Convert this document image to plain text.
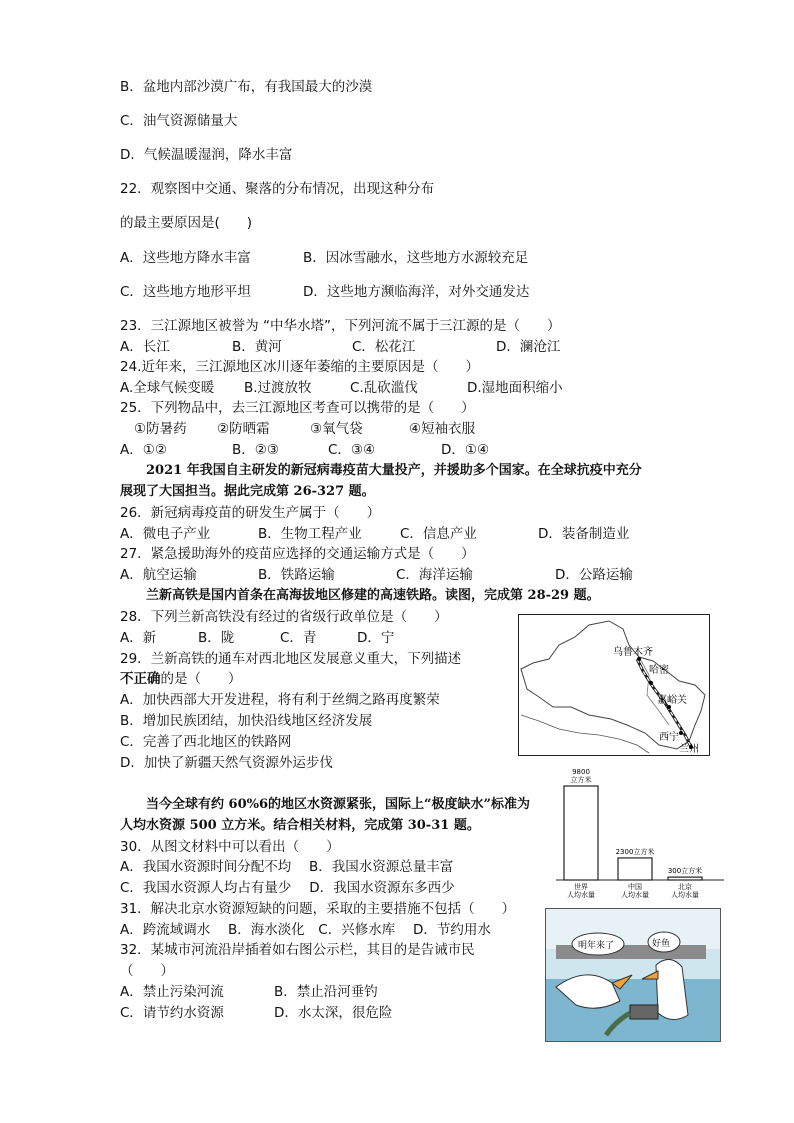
B．盆地内部沙漠广布，有我国最大的沙漠
C．油气资源储量大
D．气候温暖湿润，降水丰富
22．观察图中交通、聚落的分布情况，出现这种分布
的最主要原因是(　　)
A．这些地方降水丰富	B．因冰雪融水，这些地方水源较充足
C．这些地方地形平坦	D．这些地方濒临海洋，对外交通发达
23．三江源地区被誉为 “中华水塔”，下列河流不属于三江源的是（　　）
A．长江	B．黄河	C．松花江	D．澜沧江
24.近年来，三江源地区冰川逐年萎缩的主要原因是（　　）
A.全球气候变暖 B.过渡放牧	C.乱砍滥伐	D.湿地面积缩小
25．下列物品中，去三江源地区考查可以携带的是（　　）
①防暑药 ②防晒霜	③氧气袋	④短袖衣服
A．①②	B．②③	C．③④	D．①④
2021 年我国自主研发的新冠病毒疫苗大量投产，并援助多个国家。在全球抗疫中充分
展现了大国担当。据此完成第 26-327 题。
26．新冠病毒疫苗的研发生产属于（　　）
A．微电子产业	B．生物工程产业	C．信息产业	D．装备制造业
27．紧急援助海外的疫苗应选择的交通运输方式是（　　）
A．航空运输	B．铁路运输	C．海洋运输	D．公路运输
兰新高铁是国内首条在高海拔地区修建的高速铁路。读图，完成第 28-29 题。
28．下列兰新高铁没有经过的省级行政单位是（　　）
A．新	B．陇	C．青	D．宁
29．兰新高铁的通车对西北地区发展意义重大，下列描述
不正确的是（　　）
A．加快西部大开发进程，将有利于丝绸之路再度繁荣
B．增加民族团结，加快沿线地区经济发展
C．完善了西北地区的铁路网
D．加快了新疆天然气资源外运步伐
乌鲁木齐
哈密
嘉峪关
西宁
兰州
当今全球有约 60%6的地区水资源紧张，国际上“极度缺水”标准为
人均水资源 500 立方米。结合相关材料，完成第 30-31 题。
9800
立方米
世界
人均水量
2300立方米
中国
人均水量
300立方米
北京
人均水量
30．从图文材料中可以看出（　　）
A．我国水资源时间分配不均　 B．我国水资源总量丰富
C．我国水资源人均占有量少　 D．我国水资源东多西少
31．解决北京水资源短缺的问题，采取的主要措施不包括（　　）
A．跨流域调水　 B．海水淡化　C．兴修水库　 D．节约用水
32．某城市河流沿岸插着如右图公示栏，其目的是告诫市民
（　　）
A．禁止污染河流	B．禁止沿河垂钓
C．请节约水资源	D．水太深，很危险
明年来了	好鱼
